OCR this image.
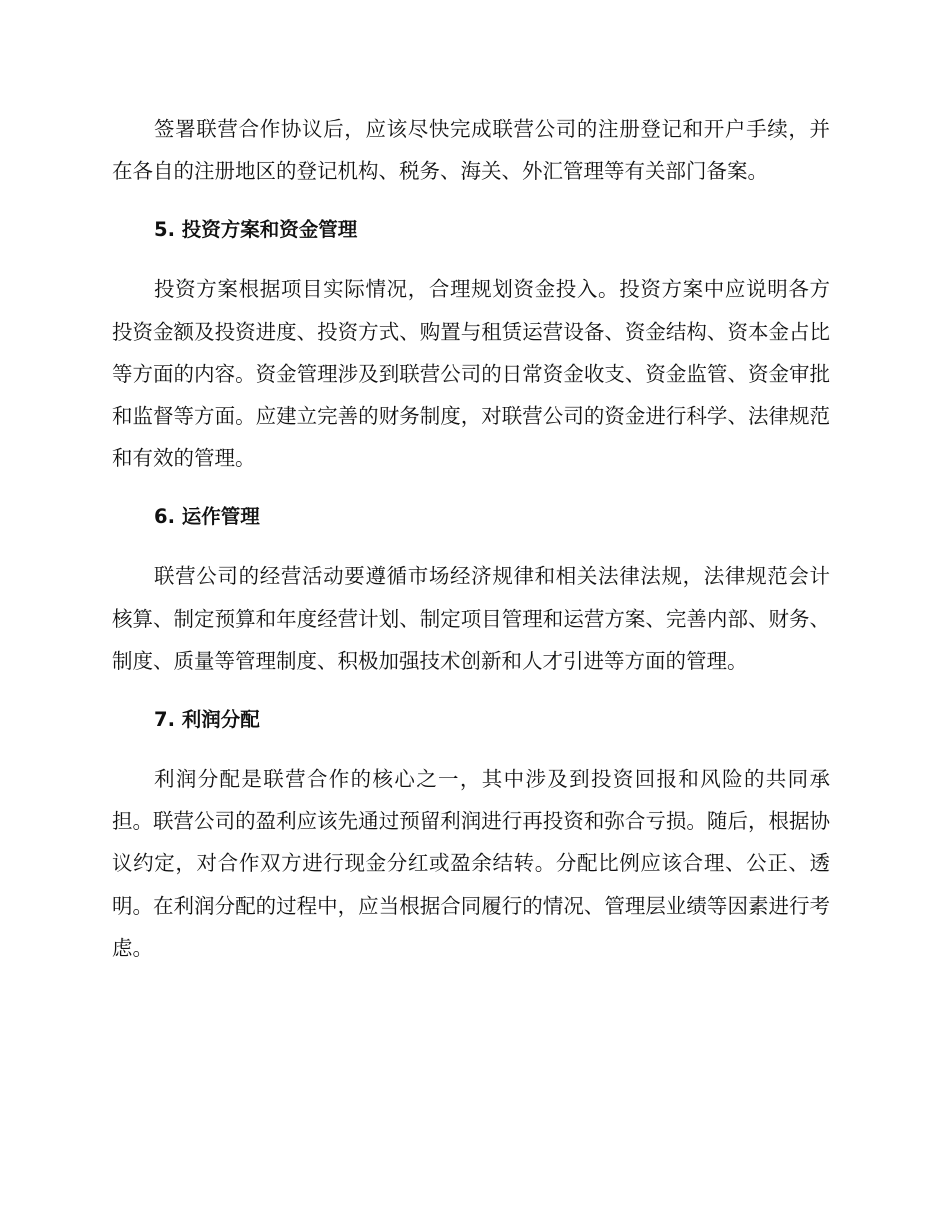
签署联营合作协议后，应该尽快完成联营公司的注册登记和开户手续，并在各自的注册地区的登记机构、税务、海关、外汇管理等有关部门备案。

5. 投资方案和资金管理

投资方案根据项目实际情况，合理规划资金投入。投资方案中应说明各方投资金额及投资进度、投资方式、购置与租赁运营设备、资金结构、资本金占比等方面的内容。资金管理涉及到联营公司的日常资金收支、资金监管、资金审批和监督等方面。应建立完善的财务制度，对联营公司的资金进行科学、法律规范和有效的管理。

6. 运作管理

联营公司的经营活动要遵循市场经济规律和相关法律法规，法律规范会计核算、制定预算和年度经营计划、制定项目管理和运营方案、完善内部、财务、制度、质量等管理制度、积极加强技术创新和人才引进等方面的管理。

7. 利润分配

利润分配是联营合作的核心之一，其中涉及到投资回报和风险的共同承担。联营公司的盈利应该先通过预留利润进行再投资和弥合亏损。随后，根据协议约定，对合作双方进行现金分红或盈余结转。分配比例应该合理、公正、透明。在利润分配的过程中，应当根据合同履行的情况、管理层业绩等因素进行考虑。
